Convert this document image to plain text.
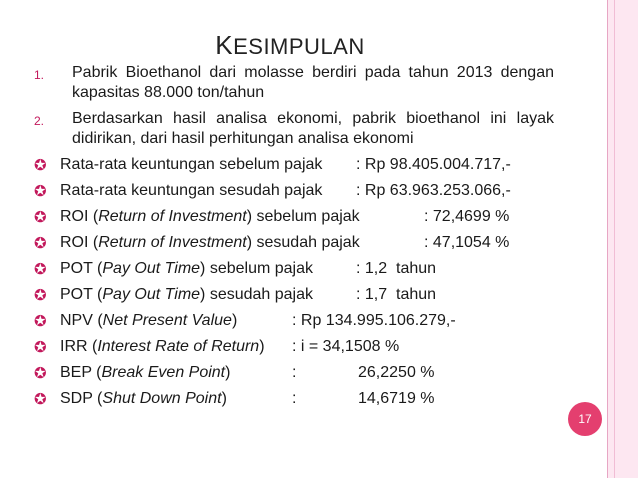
KESIMPULAN
1. Pabrik Bioethanol dari molasse berdiri pada tahun 2013 dengan kapasitas 88.000 ton/tahun
2. Berdasarkan hasil analisa ekonomi, pabrik bioethanol ini layak didirikan, dari hasil perhitungan analisa ekonomi
✪ Rata-rata keuntungan sebelum pajak : Rp 98.405.004.717,-
✪ Rata-rata keuntungan sesudah pajak : Rp 63.963.253.066,-
✪ ROI (Return of Investment) sebelum pajak	: 72,4699 %
✪ ROI (Return of Investment) sesudah pajak	: 47,1054 %
✪ POT (Pay Out Time) sebelum pajak	: 1,2  tahun
✪ POT (Pay Out Time) sesudah pajak	: 1,7  tahun
✪ NPV (Net Present Value)	: Rp 134.995.106.279,-
✪ IRR (Interest Rate of Return) : i = 34,1508 %
✪ BEP (Break Even Point)	:	26,2250 %
✪ SDP (Shut Down Point)	:	14,6719 %
17
